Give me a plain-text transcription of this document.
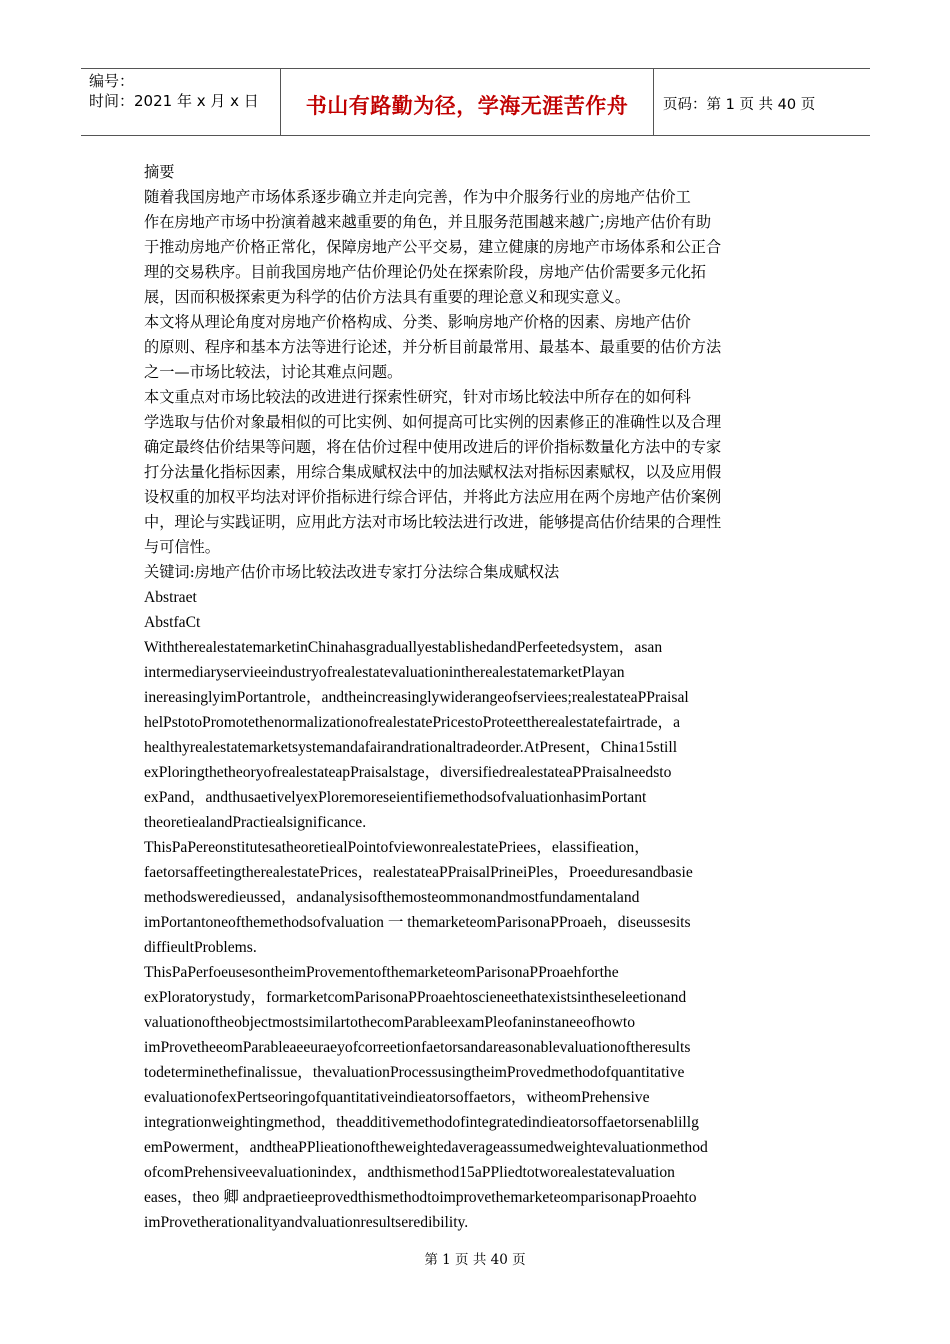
编号：
时间：2021 年 x 月 x 日	书山有路勤为径，学海无涯苦作舟	页码：第 1 页 共 40 页
摘要
随着我国房地产市场体系逐步确立并走向完善，作为中介服务行业的房地产估价工
作在房地产市场中扮演着越来越重要的角色，并且服务范围越来越广;房地产估价有助
于推动房地产价格正常化，保障房地产公平交易，建立健康的房地产市场体系和公正合
理的交易秩序。目前我国房地产估价理论仍处在探索阶段，房地产估价需要多元化拓
展，因而积极探索更为科学的估价方法具有重要的理论意义和现实意义。
本文将从理论角度对房地产价格构成、分类、影响房地产价格的因素、房地产估价
的原则、程序和基本方法等进行论述，并分析目前最常用、最基本、最重要的估价方法
之一—市场比较法，讨论其难点问题。
本文重点对市场比较法的改进进行探索性研究，针对市场比较法中所存在的如何科
学选取与估价对象最相似的可比实例、如何提高可比实例的因素修正的准确性以及合理
确定最终估价结果等问题，将在估价过程中使用改进后的评价指标数量化方法中的专家
打分法量化指标因素，用综合集成赋权法中的加法赋权法对指标因素赋权，以及应用假
设权重的加权平均法对评价指标进行综合评估，并将此方法应用在两个房地产估价案例
中，理论与实践证明，应用此方法对市场比较法进行改进，能够提高估价结果的合理性
与可信性。
关键词:房地产估价市场比较法改进专家打分法综合集成赋权法
Abstraet
AbstfaCt
WiththerealestatemarketinChinahasgraduallyestablishedandPerfeetedsystem，asan
intermediaryservieeindustryofrealestatevaluationintherealestatemarketPlayan
inereasinglyimPortantrole，andtheincreasinglywiderangeofserviees;realestateaPPraisal
helPstotoPromotethenormalizationofrealestatePricestoProteettherealestatefairtrade，a
healthyrealestatemarketsystemandafairandrationaltradeorder.AtPresent，China15still
exPloringthetheoryofrealestateapPraisalstage，diversifiedrealestateaPPraisalneedsto
exPand，andthusaetivelyexPloremoreseientifiemethodsofvaluationhasimPortant
theoretiealandPractiealsignificance.
ThisPaPereonstitutesatheoretiealPointofviewonrealestatePriees，elassifieation，
faetorsaffeetingtherealestatePrices，realestateaPPraisalPrineiPles，Proeeduresandbasie
methodsweredieussed，andanalysisofthemosteommonandmostfundamentaland
imPortantoneofthemethodsofvaluation 一 themarketeomParisonaPProaeh，diseussesits
diffieultProblems.
ThisPaPerfoeusesontheimProvementofthemarketeomParisonaPProaehforthe
exPloratorystudy，formarketcomParisonaPProaehtoscieneethatexistsintheseleetionand
valuationoftheobjectmostsimilartothecomParableexamPleofaninstaneeofhowto
imProvetheeomParableaeeuraeyofcorreetionfaetorsandareasonablevaluationoftheresults
todeterminethefinalissue，thevaluationProcessusingtheimProvedmethodofquantitative
evaluationofexPertseoringofquantitativeindieatorsoffaetors，witheomPrehensive
integrationweightingmethod，theadditivemethodofintegratedindieatorsoffaetorsenablillg
emPowerment，andtheaPPlieationoftheweightedaverageassumedweightevaluationmethod
ofcomPrehensiveevaluationindex，andthismethod15aPPliedtotworealestatevaluation
eases，theo 卿 andpraetieeprovedthismethodtoimprovethemarketeomparisonapProaehto
imProvetherationalityandvaluationresultseredibility.
第 1 页 共 40 页
